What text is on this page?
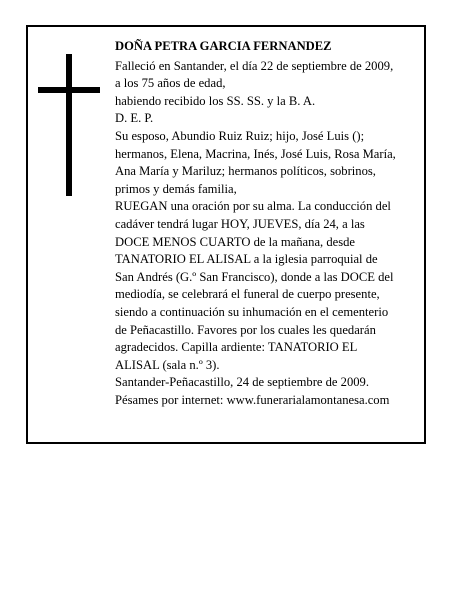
DOÑA PETRA GARCIA FERNANDEZ
Falleció en Santander, el día 22 de septiembre de 2009,
a los 75 años de edad,
habiendo recibido los SS. SS. y la B. A.
D. E. P.
Su esposo, Abundio Ruiz Ruiz; hijo, José Luis ();
hermanos, Elena, Macrina, Inés, José Luis, Rosa María,
Ana María y Mariluz; hermanos políticos, sobrinos,
primos y demás familia,
RUEGAN una oración por su alma. La conducción del
cadáver tendrá lugar HOY, JUEVES, día 24, a las
DOCE MENOS CUARTO de la mañana, desde
TANATORIO EL ALISAL a la iglesia parroquial de
San Andrés (G.º San Francisco), donde a las DOCE del
mediodía, se celebrará el funeral de cuerpo presente,
siendo a continuación su inhumación en el cementerio
de Peñacastillo. Favores por los cuales les quedarán
agradecidos. Capilla ardiente: TANATORIO EL
ALISAL (sala n.º 3).
Santander-Peñacastillo, 24 de septiembre de 2009.
Pésames por internet: www.funerarialamontanesa.com
